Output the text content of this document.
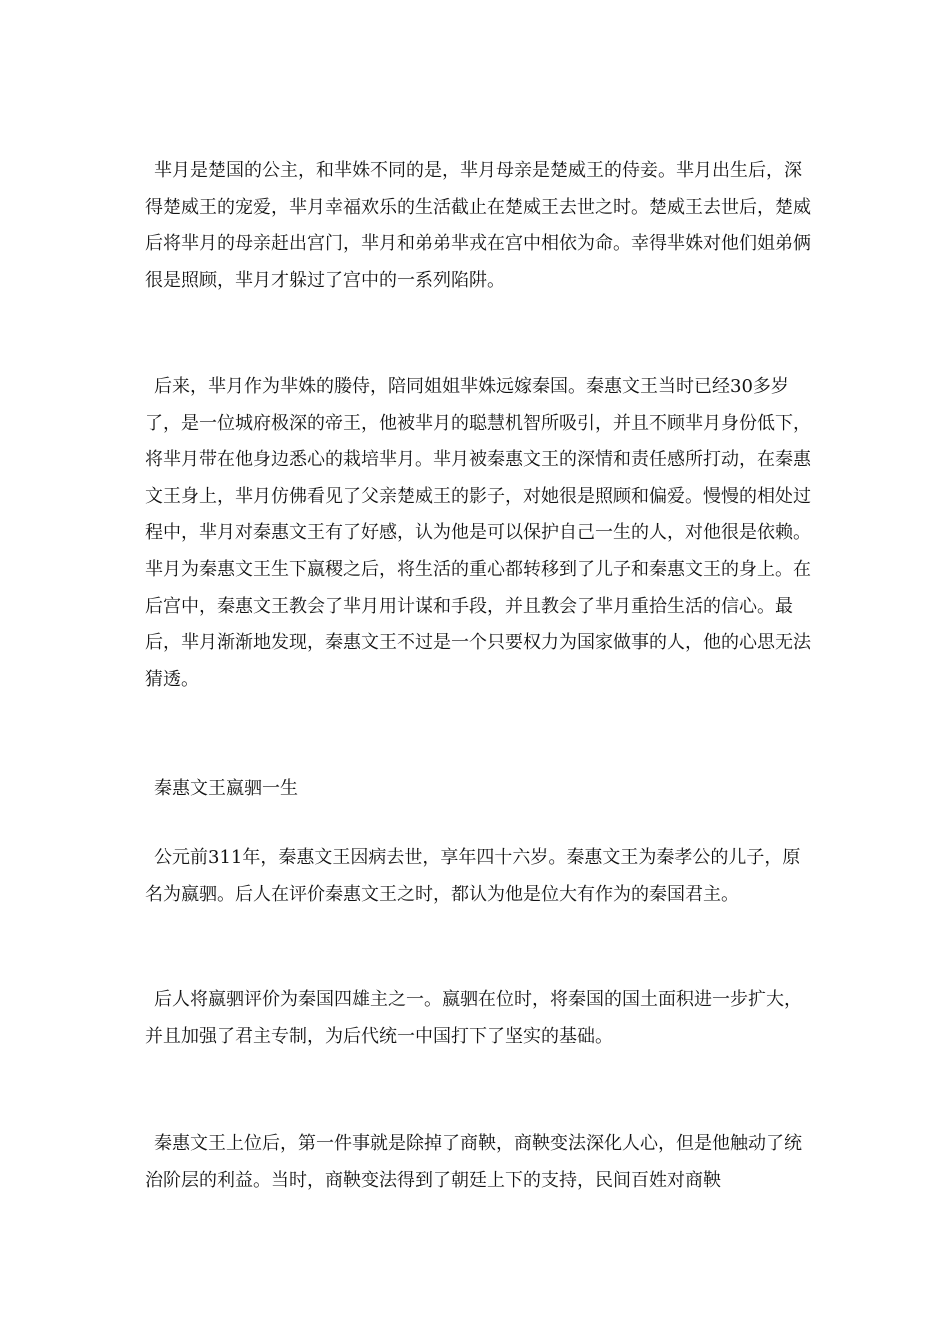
芈月是楚国的公主，和芈姝不同的是，芈月母亲是楚威王的侍妾。芈月出生后，深得楚威王的宠爱，芈月幸福欢乐的生活截止在楚威王去世之时。楚威王去世后，楚威后将芈月的母亲赶出宫门，芈月和弟弟芈戎在宫中相依为命。幸得芈姝对他们姐弟俩很是照顾，芈月才躲过了宫中的一系列陷阱。

后来，芈月作为芈姝的媵侍，陪同姐姐芈姝远嫁秦国。秦惠文王当时已经30多岁了，是一位城府极深的帝王，他被芈月的聪慧机智所吸引，并且不顾芈月身份低下，将芈月带在他身边悉心的栽培芈月。芈月被秦惠文王的深情和责任感所打动，在秦惠文王身上，芈月仿佛看见了父亲楚威王的影子，对她很是照顾和偏爱。慢慢的相处过程中，芈月对秦惠文王有了好感，认为他是可以保护自己一生的人，对他很是依赖。芈月为秦惠文王生下嬴稷之后，将生活的重心都转移到了儿子和秦惠文王的身上。在后宫中，秦惠文王教会了芈月用计谋和手段，并且教会了芈月重拾生活的信心。最后，芈月渐渐地发现，秦惠文王不过是一个只要权力为国家做事的人，他的心思无法猜透。

秦惠文王嬴驷一生

公元前311年，秦惠文王因病去世，享年四十六岁。秦惠文王为秦孝公的儿子，原名为嬴驷。后人在评价秦惠文王之时，都认为他是位大有作为的秦国君主。

后人将嬴驷评价为秦国四雄主之一。嬴驷在位时，将秦国的国土面积进一步扩大，并且加强了君主专制，为后代统一中国打下了坚实的基础。

秦惠文王上位后，第一件事就是除掉了商鞅，商鞅变法深化人心，但是他触动了统治阶层的利益。当时，商鞅变法得到了朝廷上下的支持，民间百姓对商鞅
